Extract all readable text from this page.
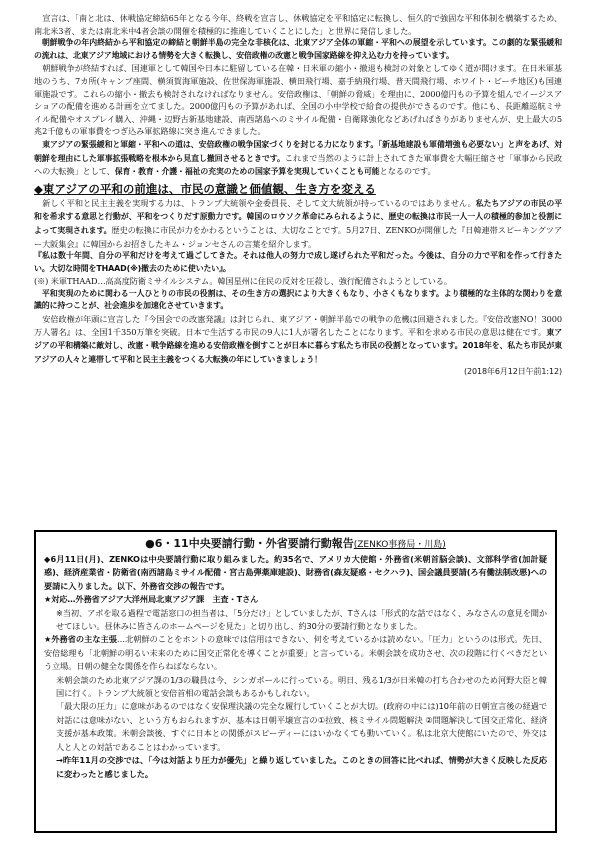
宣言は、「南と北は、休戦協定締結65年となる今年、終戦を宣言し、休戦協定を平和協定に転換し、恒久的で強固な平和体制を構築するため、南北米3者、または南北米中4者会談の開催を積極的に推進していくことにした」と世界に発信しました。

朝鮮戦争の年内終結から平和協定の締結と朝鮮半島の完全な非核化は、北東アジア全体の軍縮・平和への展望を示しています。この劇的な緊張緩和の流れは、北東アジア地域における情勢を大きく転換し、安倍政権の改憲と戦争国家路線を抑え込む力を持っています。

朝鮮戦争が終結すれば、国連軍として韓国や日本に駐留している在韓・日米軍の縮小・撤退も検討の対象としてゆく道が開けます。在日米軍基地のうち、7カ所(キャンプ座間、横須賀海軍施設、佐世保海軍施設、横田飛行場、嘉手納飛行場、普天間飛行場、ホワイト・ビーチ地区)も国連軍施設です。これらの縮小・撤去も検討されなければなりません。安倍政権は、「朝鮮の脅威」を理由に、2000億円もの予算を組んでイージスアショアの配備を進める計画を立てました。2000億円もの予算があれば、全国の小中学校で給食の提供ができるのです。他にも、長距離巡航ミサイル配備やオスプレイ購入、沖縄・辺野古新基地建設、南西諸島へのミサイル配備・自衛隊強化などあげればきりがありませんが、史上最大の5兆2千億もの軍事費をつぎ込み軍拡路線に突き進んできました。

東アジアの緊張緩和と軍縮・平和への道は、安倍政権の戦争国家づくりを封じる力になります。「新基地建設も軍備増強も必要ない」と声をあげ、対朝鮮を理由にした軍事拡張戦略を根本から見直し撤回させるときです。これまで当然のように計上されてきた軍事費を大幅圧縮させ「軍事から民政への大転換」として、保育・教育・介護・福祉の充実のための国家予算を実現していくことも可能となるのです。

◆東アジアの平和の前進は、市民の意識と価値観、生き方を変える

新しく平和と民主主義を実現する力は、トランプ大統領や金委員長、そして文大統領が持っているのではありません。私たちアジアの市民の平和を希求する意思と行動が、平和をつくりだす原動力です。韓国のロウソク革命にみられるように、歴史の転換は市民一人一人の積極的参加と役割によって実現されます。歴史の転換に市民が力をかわるということは、大切なことです。5月27日、ZENKOが開催した『日韓連帯スピーキングツアー大阪集会』に韓国からお招きしたキム・ジョンセさんの言葉を紹介します。

『私は数十年間、自分の平和だけを考えて過ごしてきた。それは他人の努力で成し遂げられた平和だった。今後は、自分の力で平和を作って行きたい。大切な時間をTHAAD(※)撤去のために使いたい』。

(※) 米軍THAAD…高高度防衛ミサイルシステム。韓国星州に住民の反対を圧殺し、強行配備されようとしている。

平和実現のために関わる一人ひとりの市民の役割は、その生き方の選択により大きくもなり、小さくもなります。より積極的な主体的な関わりを意識的に持つことが、社会進歩を加速化させていきます。

安倍政権が年頭に宣言した『今国会での改憲発議』は封じられ、東アジア・朝鮮半島での戦争の危機は回避されました。『安倍改憲NO！3000万人署名』は、全国1千350万筆を突破。日本で生活する市民の9人に1人が署名したことになります。平和を求める市民の意思は健在です。東アジアの平和構築に敵対し、改憲・戦争路線を進める安倍政権を倒すことが日本に暮らす私たち市民の役割となっています。2018年を、私たち市民が東アジアの人々と連帯して平和と民主主義をつくる大転換の年にしていきましょう！

(2018年6月12日午前1:12)

●6・11中央要請行動・外省要請行動報告(ZENKO事務局・川島)

◆6月11日(月)、ZENKOは中央要請行動に取り組みました。約35名で、アメリカ大使館・外務省(米朝首脳会談)、文部科学省(加計疑惑)、経済産業省・防衛省(南西諸島ミサイル配備・宮古島弾薬庫建設)、財務省(森友疑惑・セクハラ)、国会議員要請(ろ有働法制改悪)への要請に入りました。以下、外務省交渉の報告です。

★対応…外務省アジア大洋州局北東アジア課　主査・Tさん

※当初、アポを取る過程で電話窓口の担当者は、「5分だけ」としていましたが、Tさんは「形式的な話ではなく、みなさんの意見を聞かせてほしい。昼休みに皆さんのホームページを見た」と切り出し、約30分の要請行動となりました。

★外務省の主な主張…北朝鮮のことをホントの意味では信用はできない、何を考えているかは読めない。「圧力」というのは形式。先日、安倍総理も「北朝鮮の明るい未来のために国交正常化を導くことが重要」と言っている。米朝会談を成功させ、次の段階に行くべきだという立場。日朝の健全な関係を作らねばならない。

米朝会談のため北東アジア課の1/3の職員は今、シンガポールに行っている。明日、残る1/3が日米韓の打ち合わせのため河野大臣と韓国に行く。トランプ大統領と安倍首相の電話会談もあるかもしれない。

「最大限の圧力」に意味があるのではなく安保理決議の完全な履行していくことが大切。(政府の中には)10年前の日朝宣言後の経過で対話には意味がない、という方もおられますが、基本は日朝平壌宣言の①拉致、核ミサイル問題解決 ②問題解決して国交正常化、経済支援が基本政策。米朝会談後、すぐに日本との関係がスピーディーにはいかなくても動いていく。私は北京大使館にいたので、外交は人と人との対話であることはわかっています。

→昨年11月の交渉では、「今は対話より圧力が優先」と繰り返していました。このときの回答に比べれば、情勢が大きく反映した反応に変わったと感じました。
